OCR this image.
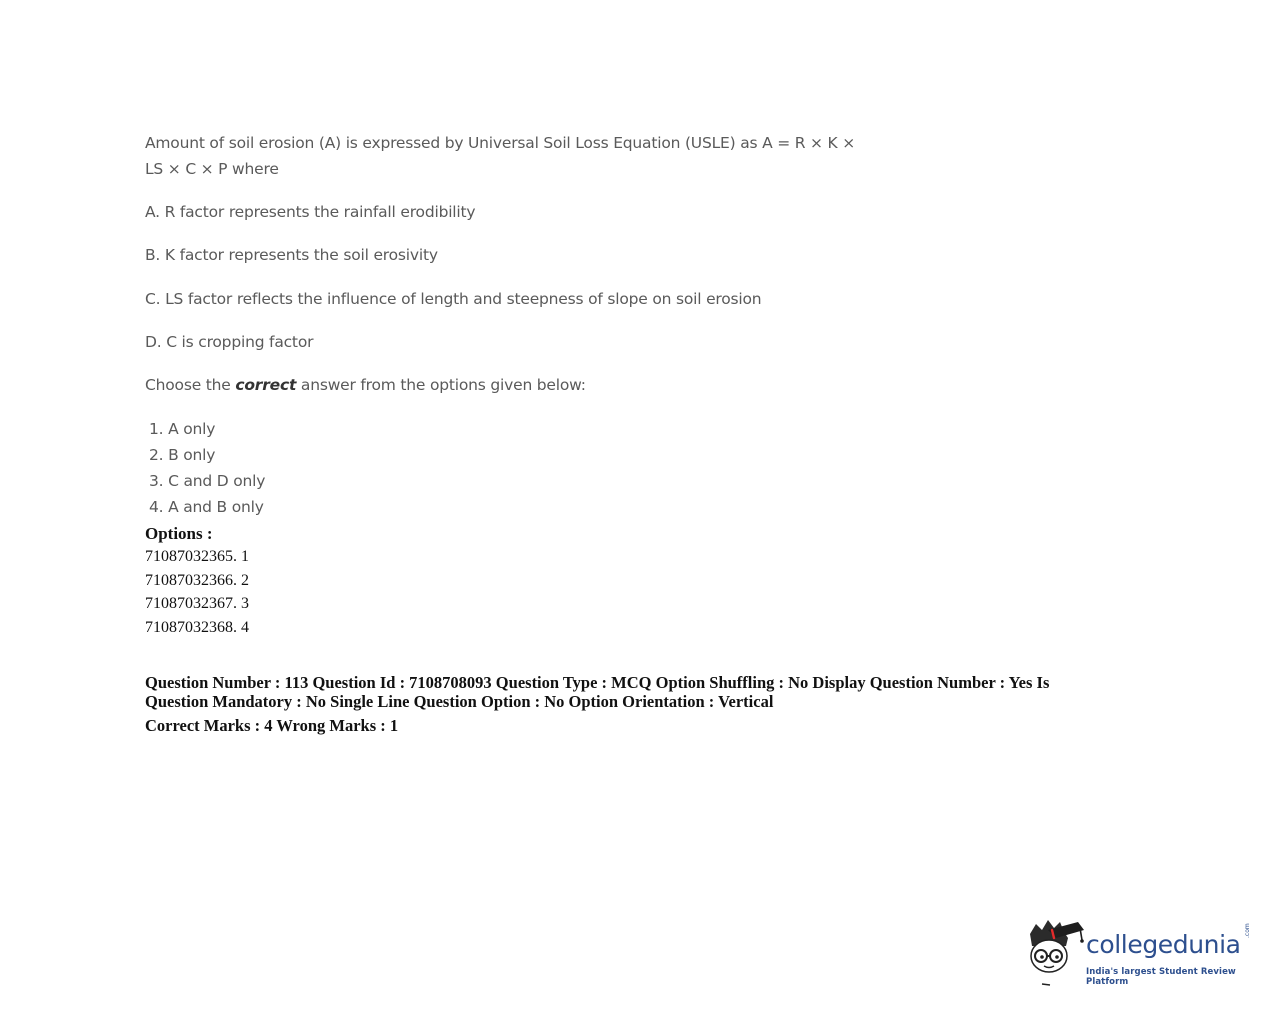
Amount of soil erosion (A) is expressed by Universal Soil Loss Equation (USLE) as A = R × K ×
LS × C × P where
A. R factor represents the rainfall erodibility
B. K factor represents the soil erosivity
C. LS factor reflects the influence of length and steepness of slope on soil erosion
D. C is cropping factor
Choose the correct answer from the options given below:
1. A only
2. B only
3. C and D only
4. A and B only
Options :
71087032365. 1
71087032366. 2
71087032367. 3
71087032368. 4
Question Number : 113 Question Id : 7108708093 Question Type : MCQ Option Shuffling : No Display Question Number : Yes Is
Question Mandatory : No Single Line Question Option : No Option Orientation : Vertical
Correct Marks : 4 Wrong Marks : 1
collegedunia .com
India's largest Student Review Platform
